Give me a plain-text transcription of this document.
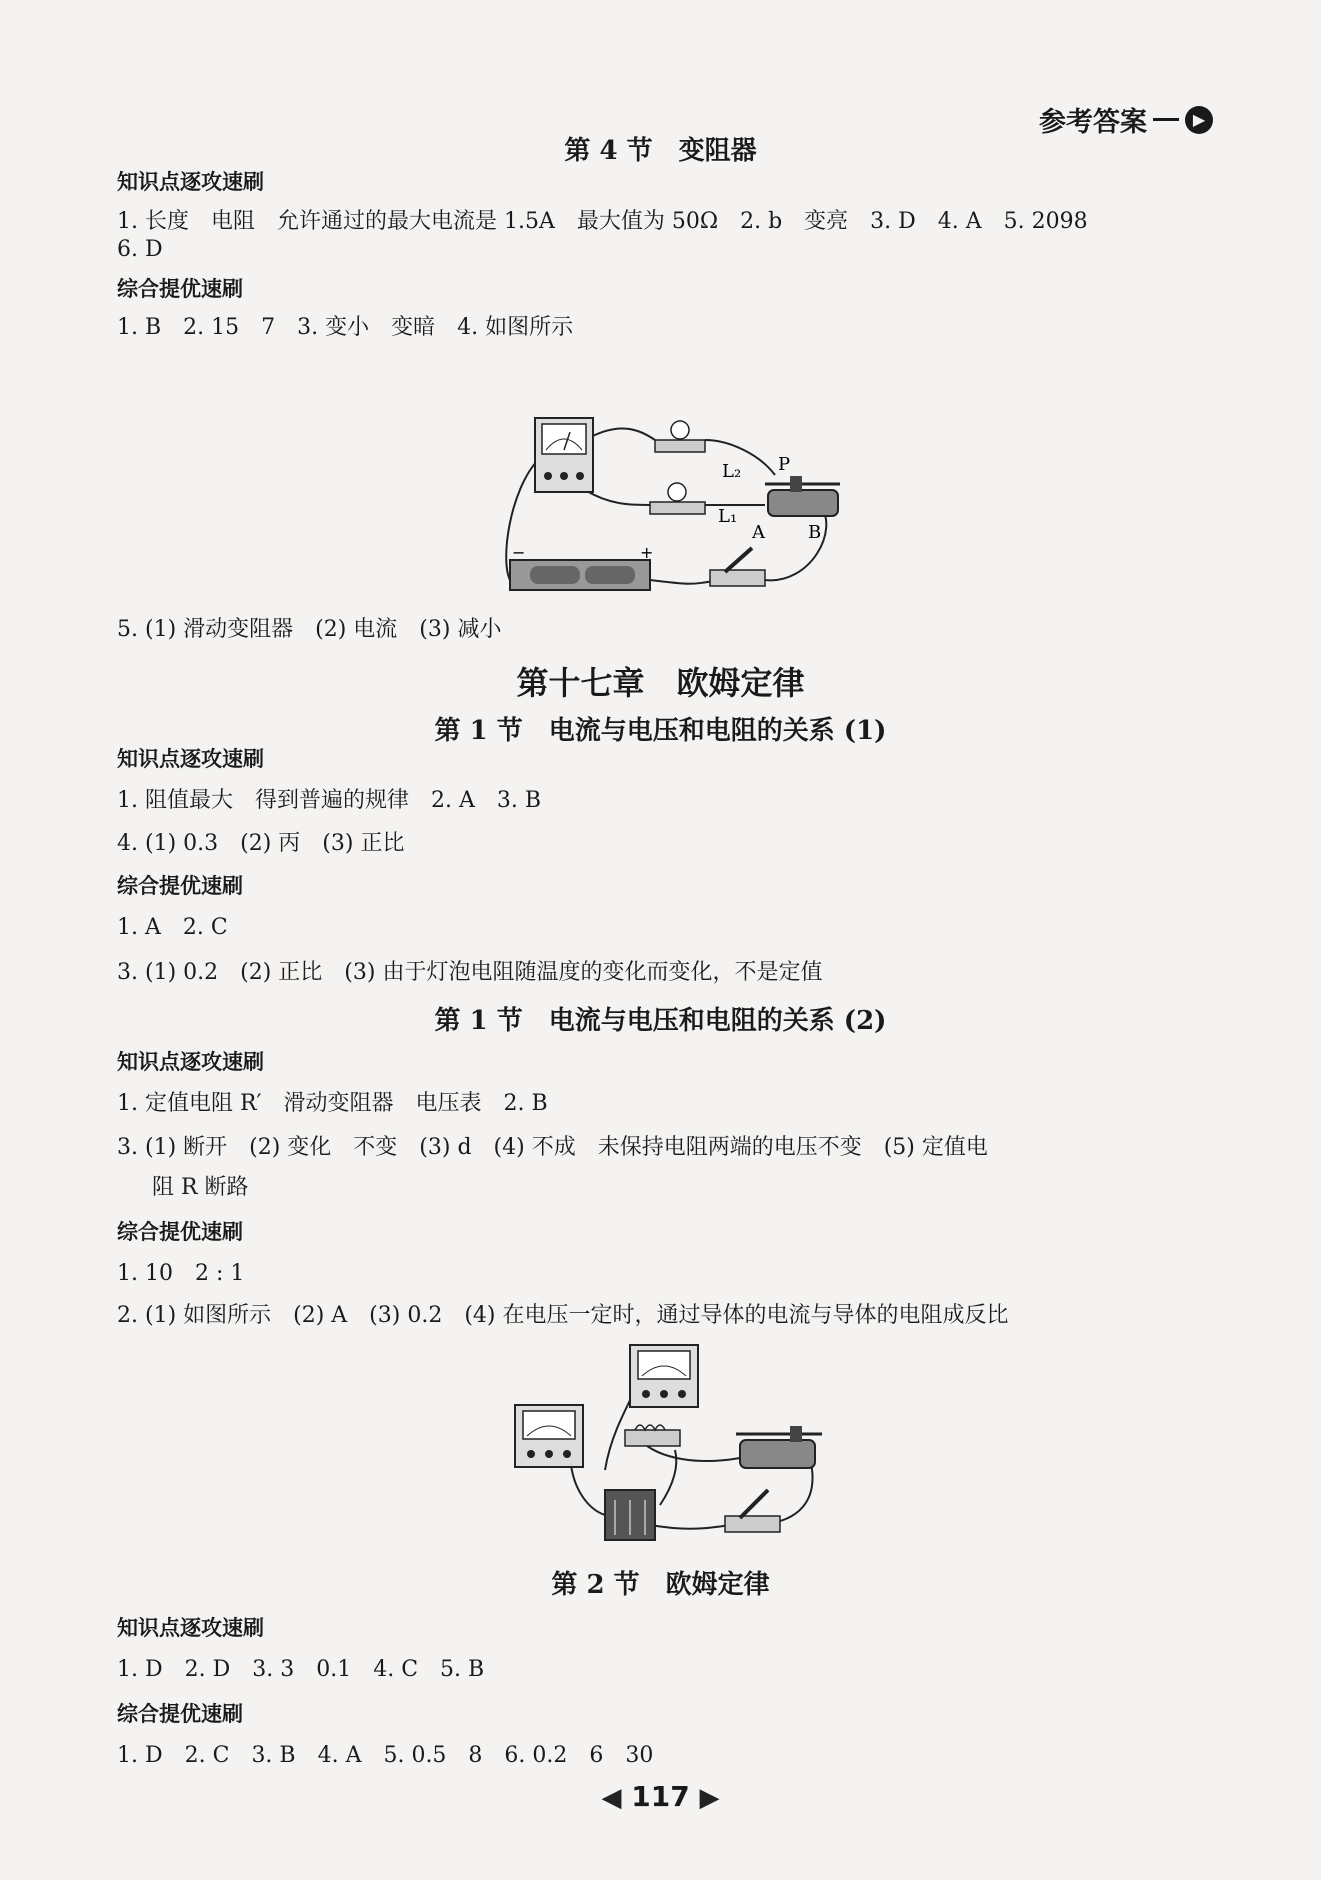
参考答案	▶
第 4 节　变阻器
知识点逐攻速刷
1. 长度　电阻　允许通过的最大电流是 1.5A　最大值为 50Ω　2. b　变亮　3. D　4. A　5. 2098
6. D
综合提优速刷
1. B　2. 15　7　3. 变小　变暗　4. 如图所示
L₂
L₁
P
A B
−	+
5. (1) 滑动变阻器　(2) 电流　(3) 减小
第十七章　欧姆定律
第 1 节　电流与电压和电阻的关系 (1)
知识点逐攻速刷
1. 阻值最大　得到普遍的规律　2. A　3. B
4. (1) 0.3　(2) 丙　(3) 正比
综合提优速刷
1. A　2. C
3. (1) 0.2　(2) 正比　(3) 由于灯泡电阻随温度的变化而变化，不是定值
第 1 节　电流与电压和电阻的关系 (2)
知识点逐攻速刷
1. 定值电阻 R′　滑动变阻器　电压表　2. B
3. (1) 断开　(2) 变化　不变　(3) d　(4) 不成　未保持电阻两端的电压不变　(5) 定值电
阻 R 断路
综合提优速刷
1. 10　2 : 1
2. (1) 如图所示　(2) A　(3) 0.2　(4) 在电压一定时，通过导体的电流与导体的电阻成反比
第 2 节　欧姆定律
知识点逐攻速刷
1. D　2. D　3. 3　0.1　4. C　5. B
综合提优速刷
1. D　2. C　3. B　4. A　5. 0.5　8　6. 0.2　6　30
◀ 117 ▶
